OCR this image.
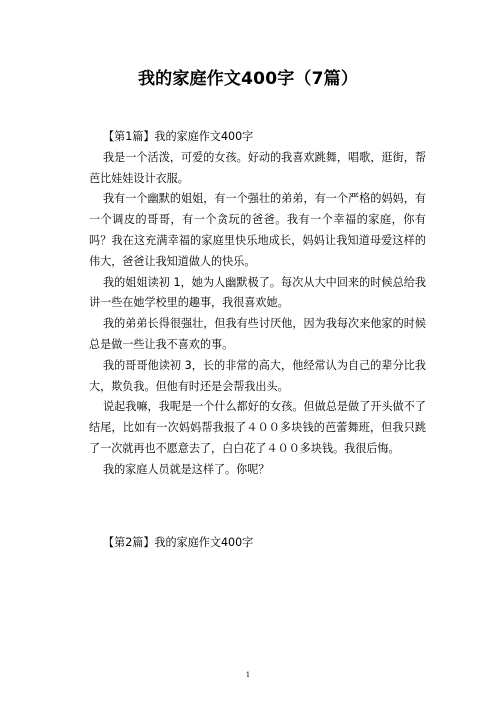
我的家庭作文400字（7篇）

【第1篇】我的家庭作文400字

我是一个活泼，可爱的女孩。好动的我喜欢跳舞，唱歌，逛街，帮芭比娃娃设计衣服。

我有一个幽默的姐姐，有一个强壮的弟弟，有一个严格的妈妈，有一个调皮的哥哥，有一个贪玩的爸爸。我有一个幸福的家庭，你有吗？我在这充满幸福的家庭里快乐地成长，妈妈让我知道母爱这样的伟大，爸爸让我知道做人的快乐。

我的姐姐读初 1，她为人幽默极了。每次从大中回来的时候总给我讲一些在她学校里的趣事，我很喜欢她。

我的弟弟长得很强壮，但我有些讨厌他，因为我每次来他家的时候总是做一些让我不喜欢的事。

我的哥哥他读初 3，长的非常的高大，他经常认为自己的辈分比我大，欺负我。但他有时还是会帮我出头。

说起我嘛，我呢是一个什么都好的女孩。但做总是做了开头做不了结尾，比如有一次妈妈帮我报了４００多块钱的芭蕾舞班，但我只跳了一次就再也不愿意去了，白白花了４００多块钱。我很后悔。

我的家庭人员就是这样了。你呢？

【第2篇】我的家庭作文400字

1
